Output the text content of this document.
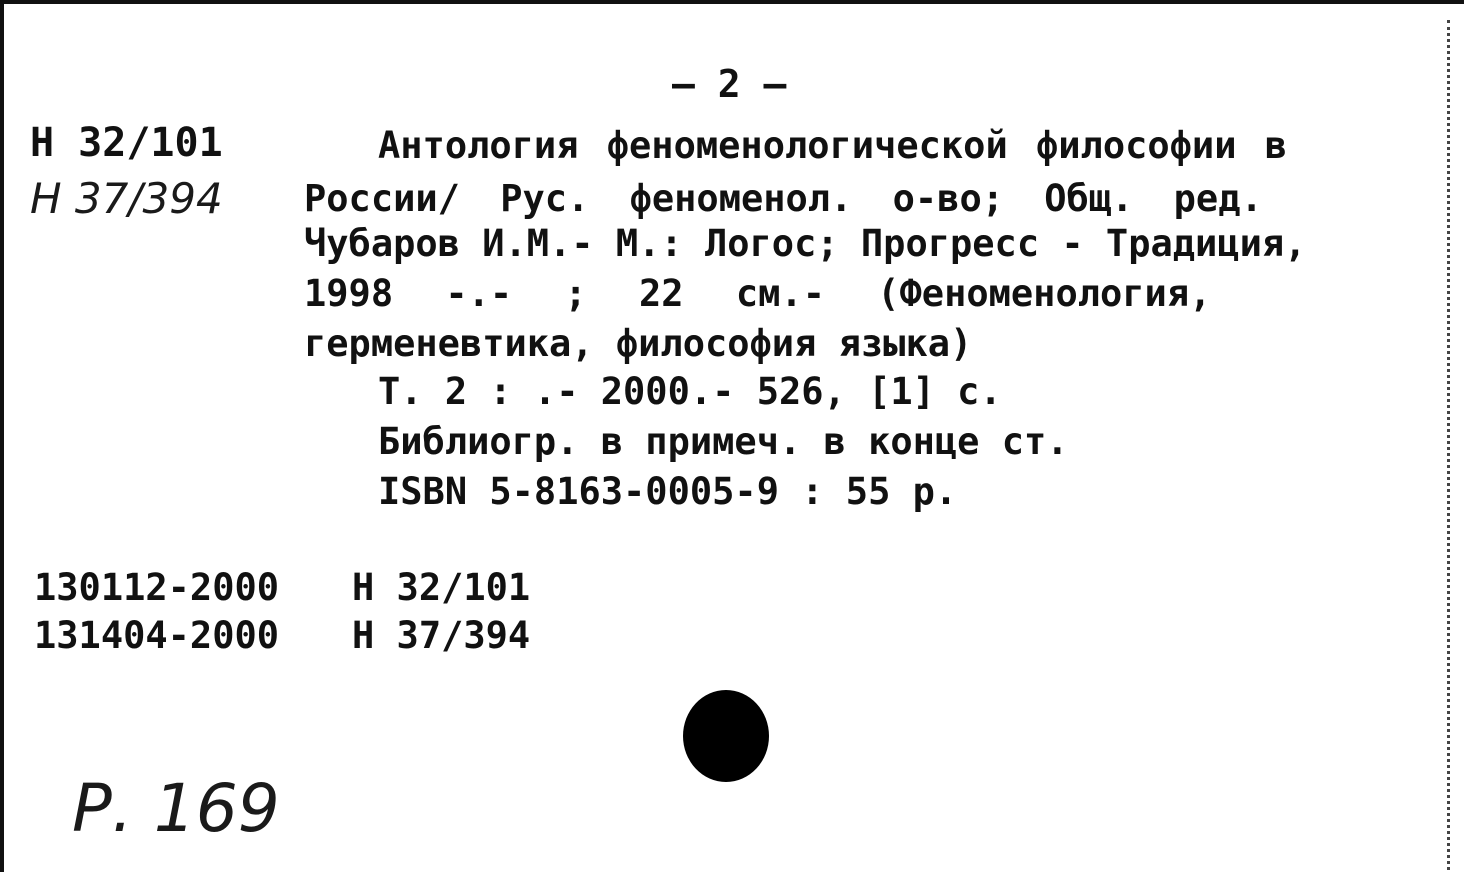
– 2 –
Н 32/101
Н 37/394
Антология феноменологической философии в
России/ Рус. феноменол. о-во; Общ. ред.
Чубаров И.М.- М.: Логос; Прогресс - Традиция,
1998 -.- ; 22 см.- (Феноменология,
герменевтика, философия языка)
Т. 2 : .- 2000.- 526, [1] с.
Библиогр. в примеч. в конце ст.
ISBN 5-8163-0005-9 : 55 р.
130112-2000 Н 32/101
131404-2000 Н 37/394
Р. 169
